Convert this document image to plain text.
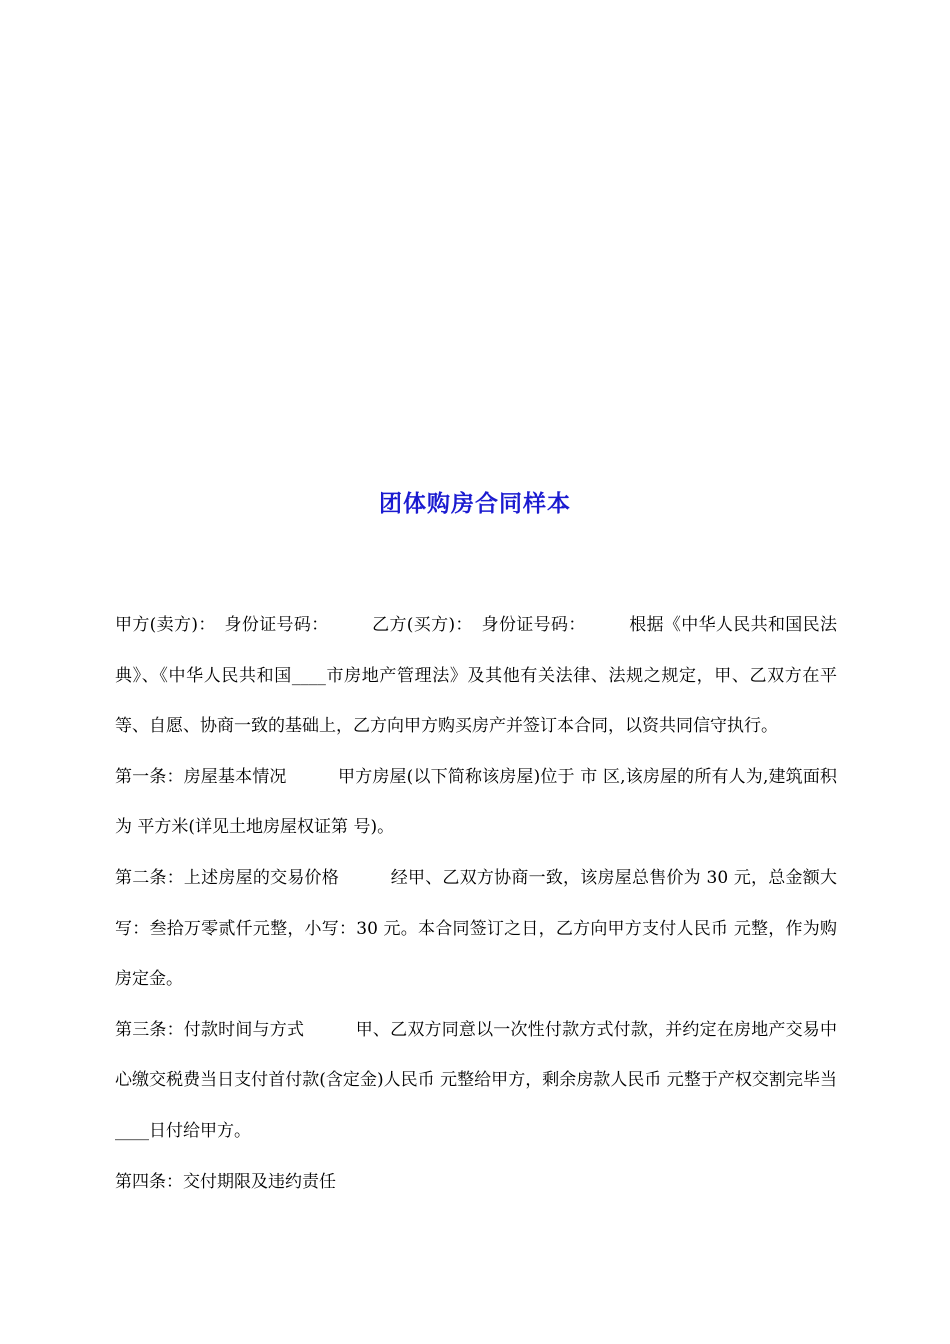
团体购房合同样本

甲方(卖方)：　身份证号码：　　　乙方(买方)：　身份证号码：　　　根据《中华人民共和国民法典》、《中华人民共和国____市房地产管理法》及其他有关法律、法规之规定，甲、乙双方在平等、自愿、协商一致的基础上，乙方向甲方购买房产并签订本合同，以资共同信守执行。

第一条：房屋基本情况　　　甲方房屋(以下简称该房屋)位于 市 区,该房屋的所有人为,建筑面积为 平方米(详见土地房屋权证第 号)。

第二条：上述房屋的交易价格　　　经甲、乙双方协商一致，该房屋总售价为 30 元，总金额大写：叁拾万零贰仟元整，小写：30 元。本合同签订之日，乙方向甲方支付人民币 元整，作为购房定金。

第三条：付款时间与方式　　　甲、乙双方同意以一次性付款方式付款，并约定在房地产交易中心缴交税费当日支付首付款(含定金)人民币 元整给甲方，剩余房款人民币 元整于产权交割完毕当____日付给甲方。

第四条：交付期限及违约责任
